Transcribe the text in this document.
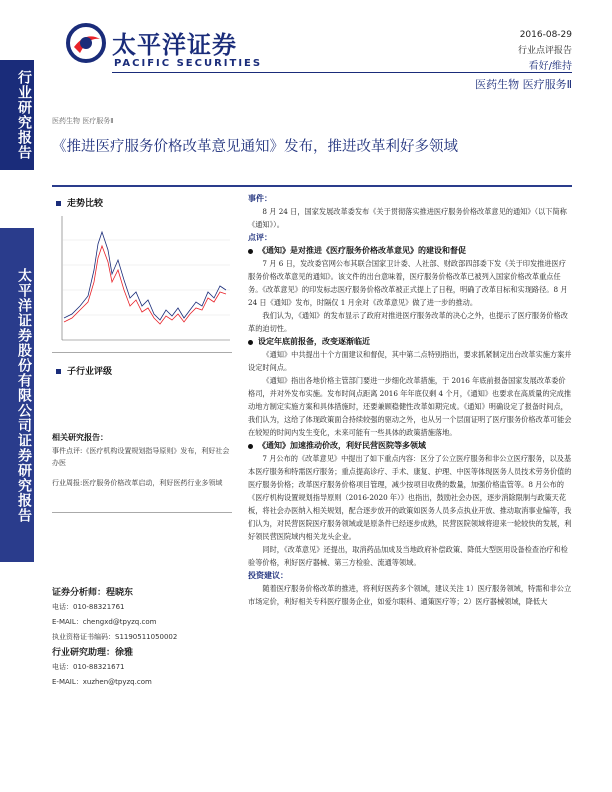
行业研究报告
太平洋证券股份有限公司证券研究报告
太平洋证券
PACIFIC SECURITIES
2016-08-29
行业点评报告
看好/维持
医药生物 医疗服务Ⅱ
医药生物 医疗服务Ⅱ
《推进医疗服务价格改革意见通知》发布，推进改革利好多领域
走势比较
子行业评级
相关研究报告：
事件点评:《医疗机构设置规划指导原则》发布，利好社会办医
行业周报:医疗服务价格改革启动，利好医药行业多领域
证券分析师：程晓东
电话：010-88321761
E-MAIL：chengxd@tpyzq.com
执业资格证书编码：S1190511050002
行业研究助理：徐雅
电话：010-88321671
E-MAIL：xuzhen@tpyzq.com
事件：

8 月 24 日，国家发展改革委发布《关于贯彻落实推进医疗服务价格改革意见的通知》（以下简称《通知》）。

点评：
《通知》是对推进《医疗服务价格改革意见》的建设和督促

7 月 6 日，发改委官网公布其联合国家卫计委、人社部、财政部四部委下发《关于印发推进医疗服务价格改革意见的通知》。该文件的出台意味着，医疗服务价格改革已被列入国家价格改革重点任务。《改革意见》的印发标志医疗服务价格改革被正式提上了日程，明确了改革目标和实现路径。8 月 24 日《通知》发布，时隔仅 1 月余对《改革意见》做了进一步的推动。

我们认为，《通知》的发布显示了政府对推进医疗服务改革的决心之外，也提示了医疗服务价格改革的迫切性。

设定年底前报备，改变逐渐临近

《通知》中共提出十个方面建议和督促，其中第二点特别指出，要求抓紧制定出台改革实施方案并设定时间点。

《通知》指出各地价格主管部门要进一步细化改革措施，于 2016 年底前报备国家发展改革委价格司，并对外发布实施。发布时间点距离 2016 年年底仅剩 4 个月，《通知》也要求在高质量的完成推动地方制定实施方案和具体措施时，还要兼顾稳健性改革如期完成。《通知》明确设定了报备时间点，我们认为，这给了体现政策面合持续较强的驱动之外，也从另一个层面证明了医疗服务价格改革可能会在较短的时间内发生变化，未来可能有一些具体的政策措施落地。

《通知》加速推动价改，利好民营医院等多领域

7 月公布的《改革意见》中提出了如下重点内容：区分了公立医疗服务和非公立医疗服务，以及基本医疗服务和特需医疗服务；重点提高诊疗、手术、康复、护理、中医等体现医务人员技术劳务价值的医疗服务价格；改革医疗服务价格项目管理，减少按项目收费的数量，加强价格监管等。8 月公布的《医疗机构设置规划指导原则（2016-2020 年）》也指出，鼓励社会办医，逐步消除限制与政策天花板，将社会办医纳入相关规划，配合逐步放开的政策如医务人员多点执业开放、推动取消事业编等，我们认为，对民营医院医疗服务领域或是原条件已经逐步成熟，民营医院领域将迎来一轮较快的发展，利好领民营医院域内相关龙头企业。

同时，《改革意见》还提出，取消药品加成及当地政府补偿政策、降低大型医用设备检查治疗和检验等价格，利好医疗器械、第三方检验、流通等领域。

投资建议：

随着医疗服务价格改革的推进，将利好医药多个领域，建议关注 1）医疗服务领域，特需和非公立市场定价，利好相关专科医疗服务企业，如爱尔眼科、通策医疗等；2）医疗器械领域，降低大
